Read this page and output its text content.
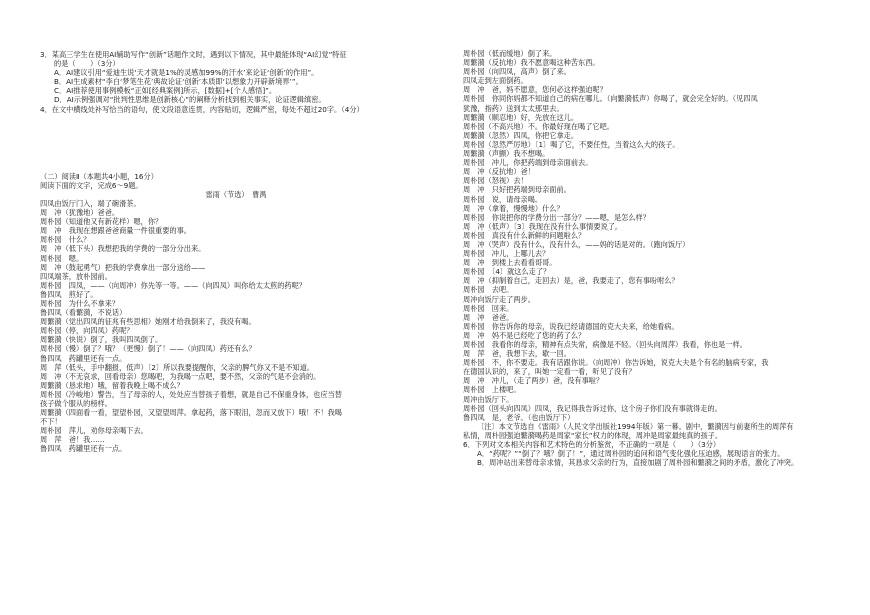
3．某高三学生在使用AI辅助写作“创新”话题作文时，遇到以下情况，其中最能体现“AI幻觉”特征
的是（　　）（3分）
A．AI建议引用“爱迪生说‘天才就是1%的灵感加99%的汗水’来论证‘创新’的作用”。
B．AI生成素材“李白‘梦笔生花’典故论证‘创新’本质即‘以想象力开辟新境界’”。
C．AI推荐使用事例模板“正如[经典案例]所示，[数据]+[个人感悟]”。
D．AI示例强调对“批判性思维是创新核心”的阐释分析找到相关事实，论证逻辑缜密。
4．在文中横线处补写恰当的语句，使文段语意连贯，内容贴切，逻辑严密，每处不超过20字。（4分）
（二）阅读Ⅱ（本题共4小题，16分）
阅读下面的文字，完成6～9题。
雷雨（节选）　曹禺
四凤由饭厅门入，端了碗滑茶。
周　冲（犹豫地）爸爸。
周朴园（知道他又有新花样）嗯，你？
周　冲　我现在想跟爸爸商量一件很重要的事。
周朴园　什么？
周　冲（低下头）我想把我的学费的一部分分出来。
周朴园　嗯。
周　冲（鼓起勇气）把我的学费拿出一部分送给——
四凤端茶，放朴园前。
周朴园　四凤，——（向周冲）你先等一等。——（向四凤）叫你给太太煎的药呢？
鲁四凤　煎好了。
周朴园　为什么不拿来？
鲁四凤（看蘩漪，不说话）
周蘩漪（觉出四凤的征兆有些思相）她刚才给我倒来了，我没有喝。
周朴园（停，向四凤）药呢？
周蘩漪（快说）倒了，我叫四凤倒了。
周朴园（慢）倒了？哦？（更慢）倒了！——（向四凤）药还有么？
鲁四凤　药罐里还有一点。
周　萍（低头，手中翻报，低声）〔2〕所以我要提醒你，父亲的脾气你又不是不知道。
周　冲（不无哀求，回看母亲）您喝吧，为我喝一点吧，要不然，父亲的气是不会消的。
周蘩漪（恳求地）哦，留着我晚上喝不成么？
周朴园（冷峻地）警告，当了母亲的人，处处应当替孩子着想，就是自己不保重身体，也应当替
孩子做个服从的榜样。
周蘩漪（四面看一看，望望朴园，又望望周萍。拿起药，落下眼泪，忽而又放下）哦！不！我喝
不下！
周朴园　萍儿，劝你母亲喝下去。
周　萍　爸！我……
鲁四凤　药罐里还有一点。
周朴园（低而缓地）倒了来。
周蘩漪（反抗地）我不愿意喝这种苦东西。
周朴园（向四凤，高声）倒了来。
四凤走到左面倒药。
周　冲　爸，妈不愿意，您何必这样强迫呢？
周朴园　你同你妈都不知道自己的病在哪儿。（向蘩漪低声）你喝了，就会完全好的。（见四凤
犹豫，指药）送到太太那里去。
周蘩漪（顺忍地）好，先放在这儿。
周朴园（不高兴地）不。你最好现在喝了它吧。
周蘩漪（忽然）四凤，你把它拿走。
周朴园（忽然严厉地）〔1〕喝了它，不要任性，当着这么大的孩子。
周蘩漪（声颤）我不想喝。
周朴园　冲儿，你把药端到母亲面前去。
周　冲（反抗地）爸！
周朴园（怒视）去！
周　冲　只好把药端到母亲面前。
周朴园　说，请母亲喝。
周　冲（拿着，慢慢地）什么？
周朴园　你说把你的学费分出一部分？——嗯，是怎么样？
周　冲（低声）〔3〕我现在没有什么事情要说了。
周朴园　真没有什么新鲜的问题啦么？
周　冲（哭声）没有什么，没有什么，——妈的话是对的。（跑向饭厅）
周朴园　冲儿，上哪儿去？
周　冲　到楼上去看看哥哥。
周朴园　〔4〕就这么走了？
周　冲（抑制着自己，走回去）是，爸，我要走了，您有事吩咐么？
周朴园　去吧。
周冲向饭厅走了两步。
周朴园　回来。
周　冲　爸爸。
周朴园　你告诉你的母亲，说我已经请德国的克大夫来，给她看病。
周　冲　妈不是已经吃了您的药了么？
周朴园　我看你的母亲，精神有点失常，病像是不轻。（回头向周萍）我看，你也是一样。
周　萍　爸，我想下去，歇一回。
周朴园　不，你不要走。我有话跟你说。（向周冲）你告诉她，说克大夫是个有名的脑病专家，我
在德国认识的，来了，叫她一定看一看，听见了没有？
周　冲　冲儿，（走了两步）爸，没有事啦？
周朴园　上楼吧。
周冲由饭厅下。
周朴园（回头向四凤）四凤，我记得我告诉过你，这个房子你们没有事就得走的。
鲁四凤　是，老爷。（也由饭厅下）
〔注〕本文节选自《雷雨》（人民文学出版社1994年版）第一幕。剧中，蘩漪因与前妻所生的周萍有
私情，周朴园强迫蘩漪喝药是周家“家长”权力的体现，周冲是周家最纯真的孩子。
6．下列对文本相关内容和艺术特色的分析鉴赏，不正确的一项是（　　）（3分）
A．“药呢？”“倒了？哦？倒了！”，通过周朴园的追问和语气变化强化压迫感，展现语言的张力。
B．周冲站出来替母亲求情，其恳求父亲的行为，直接加剧了周朴园和蘩漪之间的矛盾，激化了冲突。
